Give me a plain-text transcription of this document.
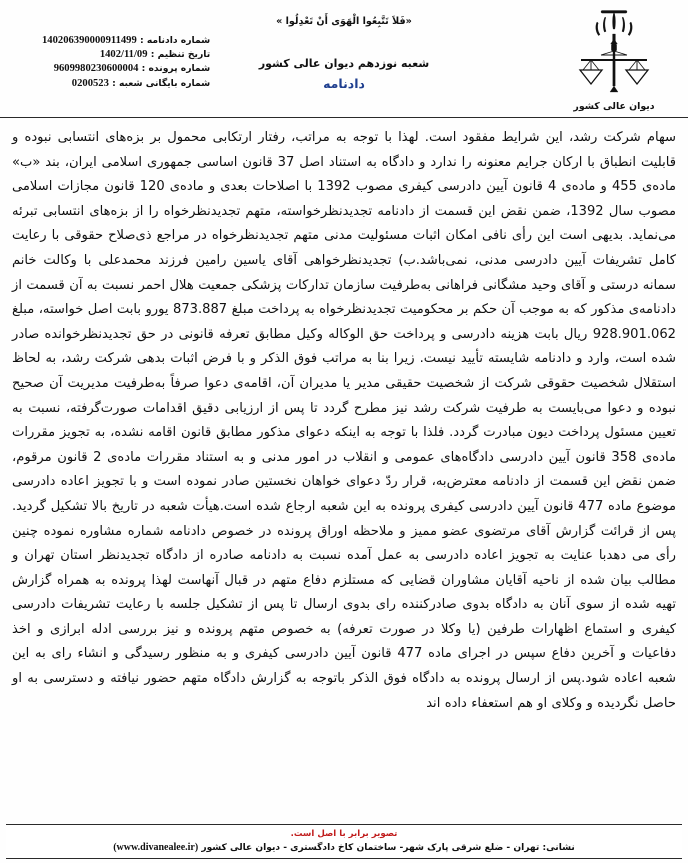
شماره دادنامه : 140206390000911499
تاریخ تنظیم : 1402/11/09
شماره پرونده : 9609980230600004
شماره بایگانی شعبه : 0200523
«فَلاَ تَتَّبِعُوا الْهَوَى أَنْ تَعْدِلُوا »
شعبه نوزدهم دیوان عالی کشور
دادنامه
دیوان عالی کشور

سهام شرکت رشد، این شرایط مفقود است. لهذا با توجه به مراتب، رفتار ارتکابی محمول بر بزه‌های انتسابی نبوده و قابلیت انطباق با ارکان جرایم معنونه را ندارد و دادگاه به استناد اصل 37 قانون اساسی جمهوری اسلامی ایران، بند «ب» ماده‌ی 455 و ماده‌ی 4 قانون آیین دادرسی کیفری مصوب 1392 با اصلاحات بعدی و ماده‌ی 120 قانون مجازات اسلامی مصوب سال 1392، ضمن نقض این قسمت از دادنامه تجدیدنظرخواسته، متهم تجدیدنظرخواه را از بزه‌های انتسابی تبرئه می‌نماید. بدیهی است این رأی نافی امکان اثبات مسئولیت مدنی متهم تجدیدنظرخواه در مراجع ذی‌صلاح حقوقی با رعایت کامل تشریفات آیین دادرسی مدنی، نمی‌باشد.ب) تجدیدنظرخواهی آقای یاسین رامین فرزند محمدعلی با وکالت خانم سمانه درستی و آقای وحید مشگانی فراهانی به‌طرفیت سازمان تدارکات پزشکی جمعیت هلال احمر نسبت به آن قسمت از دادنامه‌ی مذکور که به موجب آن حکم بر محکومیت تجدیدنظرخواه به پرداخت مبلغ 873.887 یورو بابت اصل خواسته، مبلغ 928.901.062 ریال بابت هزینه دادرسی و پرداخت حق الوکاله وکیل مطابق تعرفه قانونی در حق تجدیدنظرخوانده صادر شده است، وارد و دادنامه شایسته تأیید نیست. زیرا بنا به مراتب فوق الذکر و با فرض اثبات بدهی شرکت رشد، به لحاظ استقلال شخصیت حقوقی شرکت از شخصیت حقیقی مدیر یا مدیران آن، اقامه‌ی دعوا صرفاً به‌طرفیت مدیریت آن صحیح نبوده و دعوا می‌بایست به طرفیت شرکت رشد نیز مطرح گردد تا پس از ارزیابی دقیق اقدامات صورت‌گرفته، نسبت به تعیین مسئول پرداخت دیون مبادرت گردد. فلذا با توجه به اینکه دعوای مذکور مطابق قانون اقامه نشده، به تجویز مقررات ماده‌ی 358 قانون آیین دادرسی دادگاه‌های عمومی و انقلاب در امور مدنی و به استناد مقررات ماده‌ی 2 قانون مرقوم، ضمن نقض این قسمت از دادنامه معترض‌به، قرار ردّ دعوای خواهان نخستین صادر نموده است و با تجویز اعاده دادرسی موضوع ماده 477 قانون آیین دادرسی کیفری پرونده به این شعبه ارجاع شده است.هیأت شعبه در تاریخ بالا تشکیل گردید. پس از قرائت گزارش آقای مرتضوی عضو ممیز و ملاحظه اوراق پرونده در خصوص دادنامه شماره مشاوره نموده چنین رأی می دهدبا عنایت به تجویز اعاده دادرسی به عمل آمده نسبت به دادنامه صادره از دادگاه تجدیدنظر استان تهران و مطالب بیان شده از ناحیه آقایان مشاوران قضایی که مستلزم دفاع متهم در قبال آنهاست لهذا پرونده به همراه گزارش تهیه شده از سوی آنان به دادگاه بدوی صادرکننده رای بدوی ارسال تا پس از تشکیل جلسه با رعایت تشریفات دادرسی کیفری و استماع اظهارات طرفین (یا وکلا در صورت تعرفه) به خصوص متهم پرونده و نیز بررسی ادله ابرازی و اخذ دفاعیات و آخرین دفاع سپس در اجرای ماده 477 قانون آیین دادرسی کیفری و به منظور رسیدگی و انشاء رای به این شعبه اعاده شود.پس از ارسال پرونده به دادگاه فوق الذکر باتوجه به گزارش دادگاه متهم حضور نیافته و دسترسی به او حاصل نگردیده و وکلای او هم استعفاء داده اند

تصویر برابر با اصل است.
نشانی: تهران - ضلع شرقی پارک شهر- ساختمان کاخ دادگستری - دیوان عالی کشور (www.divanealee.ir)
